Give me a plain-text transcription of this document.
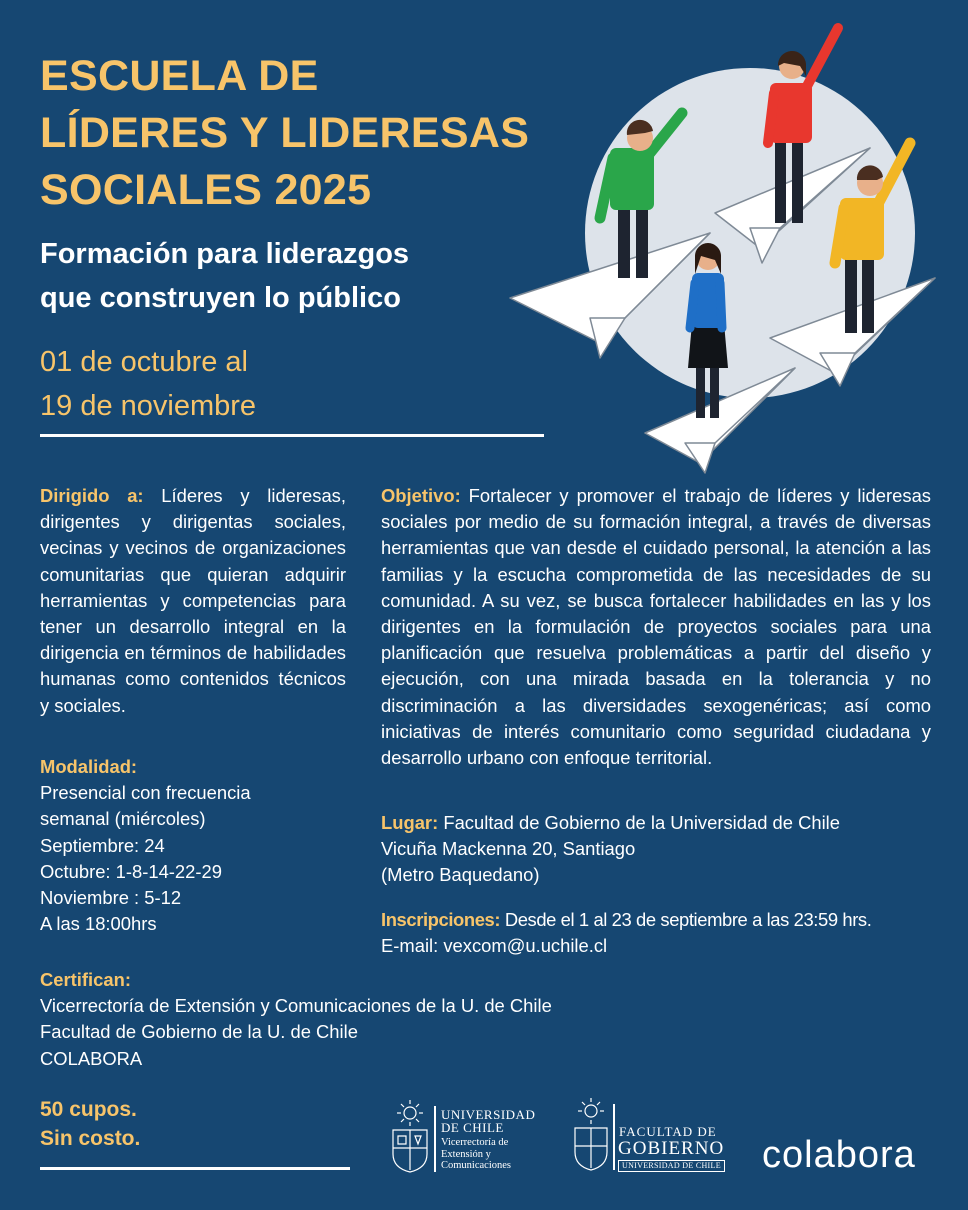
ESCUELA DE
LÍDERES Y LIDERESAS
SOCIALES 2025
Formación para liderazgos
que construyen lo público
01 de octubre al
19 de noviembre
Dirigido a: Líderes y lideresas, dirigentes y dirigentas sociales, vecinas y vecinos de organizaciones comunitarias que quieran adquirir herramientas y competencias para tener un desarrollo integral en la dirigencia en términos de habilidades humanas como contenidos técnicos y sociales.
Modalidad:
Presencial con frecuencia
semanal (miércoles)
Septiembre: 24
Octubre: 1-8-14-22-29
Noviembre : 5-12
A las 18:00hrs
Objetivo: Fortalecer y promover el trabajo de líderes y lideresas sociales por medio de su formación integral, a través de diversas herramientas que van desde el cuidado personal, la atención a las familias y la escucha comprometida de las necesidades de su comunidad. A su vez, se busca fortalecer habilidades en las y los dirigentes en la formulación de proyectos sociales para una planificación que resuelva problemáticas a partir del diseño y ejecución, con una mirada basada en la tolerancia y no discriminación a las diversidades sexogenéricas; así como iniciativas de interés comunitario como seguridad ciudadana y desarrollo urbano con enfoque territorial.
Lugar: Facultad de Gobierno de la Universidad de Chile
Vicuña Mackenna 20, Santiago
(Metro Baquedano)
Inscripciones: Desde el 1 al 23 de septiembre a las 23:59 hrs.
E-mail: vexcom@u.uchile.cl
Certifican:
Vicerrectoría de Extensión y Comunicaciones de la U. de Chile
Facultad de Gobierno de la U. de Chile
COLABORA
50 cupos.
Sin costo.
UNIVERSIDAD
DE CHILE
Vicerrectoría de
Extensión y
Comunicaciones
FACULTAD DE
GOBIERNO
UNIVERSIDAD DE CHILE colabora
